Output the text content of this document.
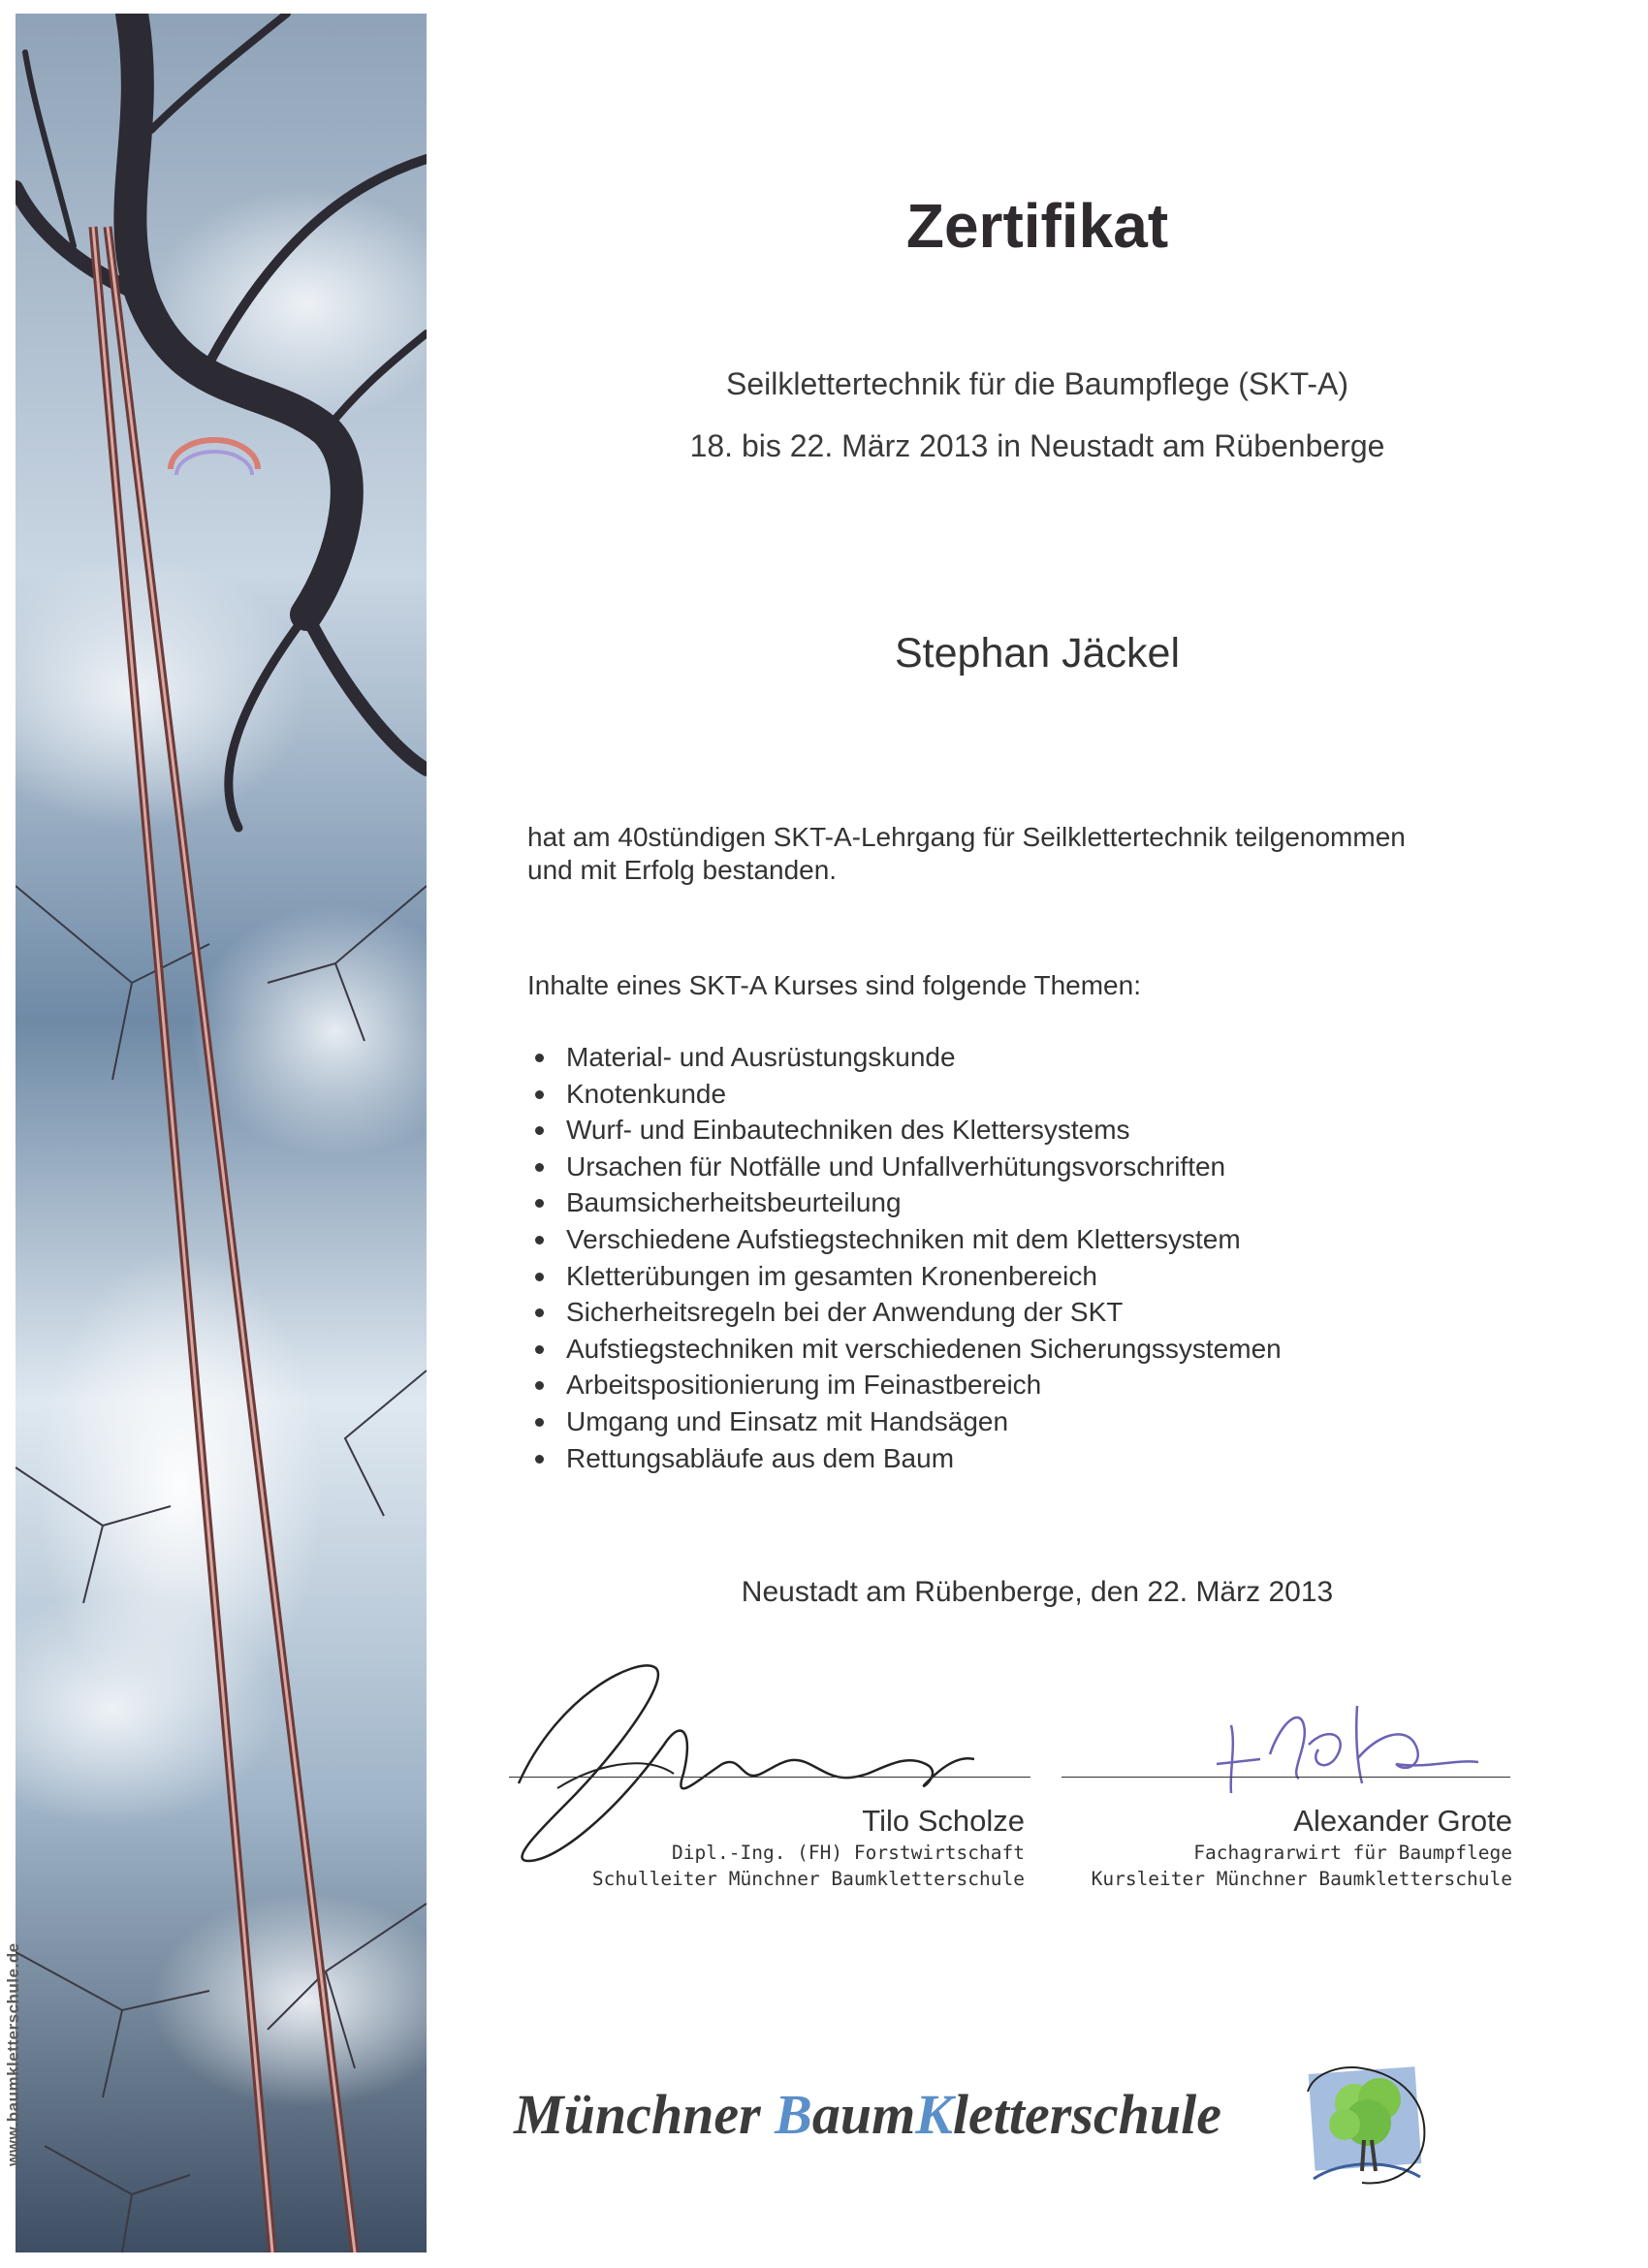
www.baumkletterschule.de
Zertifikat
Seilklettertechnik für die Baumpflege (SKT-A)
18. bis 22. März 2013 in Neustadt am Rübenberge
Stephan Jäckel
hat am 40stündigen SKT-A-Lehrgang für Seilklettertechnik teilgenommen
und mit Erfolg bestanden.
Inhalte eines SKT-A Kurses sind folgende Themen:
Material- und Ausrüstungskunde
Knotenkunde
Wurf- und Einbautechniken des Klettersystems
Ursachen für Notfälle und Unfallverhütungsvorschriften
Baumsicherheitsbeurteilung
Verschiedene Aufstiegstechniken mit dem Klettersystem
Kletterübungen im gesamten Kronenbereich
Sicherheitsregeln bei der Anwendung der SKT
Aufstiegstechniken mit verschiedenen Sicherungssystemen
Arbeitspositionierung im Feinastbereich
Umgang und Einsatz mit Handsägen
Rettungsabläufe aus dem Baum
Neustadt am Rübenberge, den 22. März 2013
Tilo Scholze
Dipl.-Ing. (FH) Forstwirtschaft
Schulleiter Münchner Baumkletterschule
Alexander Grote
Fachagrarwirt für Baumpflege
Kursleiter Münchner Baumkletterschule
Münchner BaumKletterschule
